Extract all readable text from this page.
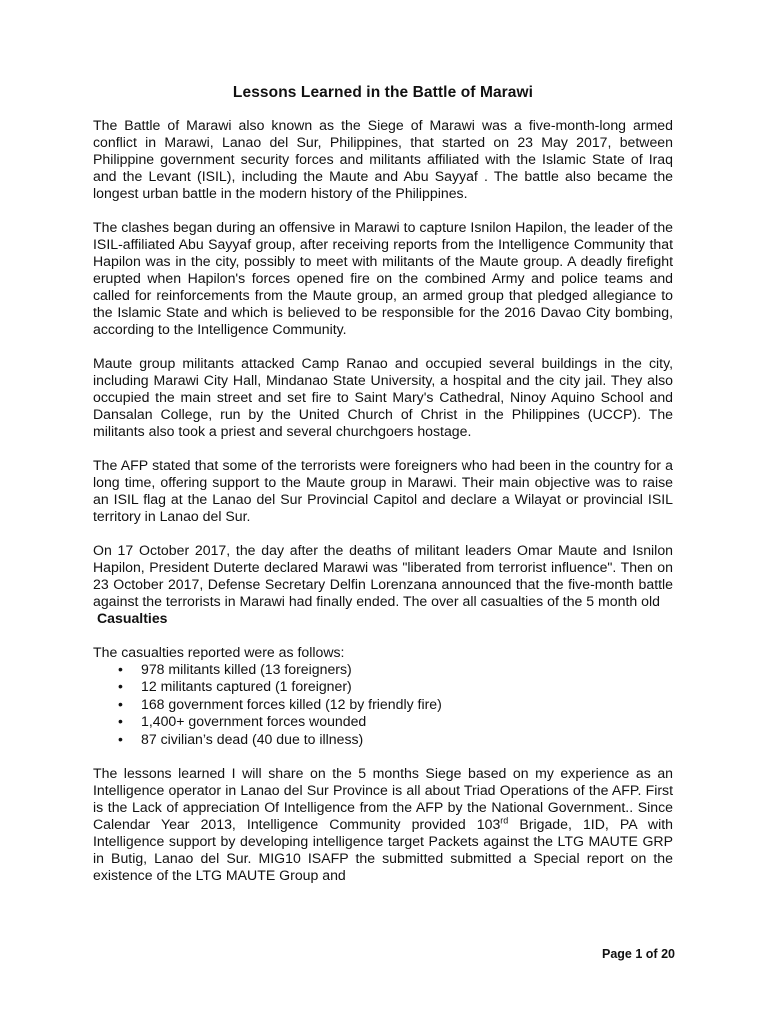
Lessons Learned in the Battle of Marawi

The Battle of Marawi also known as the Siege of Marawi was a five-month-long armed conflict in Marawi, Lanao del Sur, Philippines, that started on 23 May 2017, between Philippine government security forces and militants affiliated with the Islamic State of Iraq and the Levant (ISIL), including the Maute and Abu Sayyaf . The battle also became the longest urban battle in the modern history of the Philippines.

The clashes began during an offensive in Marawi to capture Isnilon Hapilon, the leader of the ISIL-affiliated Abu Sayyaf group, after receiving reports from the Intelligence Community that Hapilon was in the city, possibly to meet with militants of the Maute group. A deadly firefight erupted when Hapilon's forces opened fire on the combined Army and police teams and called for reinforcements from the Maute group, an armed group that pledged allegiance to the Islamic State and which is believed to be responsible for the 2016 Davao City bombing, according to the Intelligence Community.

Maute group militants attacked Camp Ranao and occupied several buildings in the city, including Marawi City Hall, Mindanao State University, a hospital and the city jail. They also occupied the main street and set fire to Saint Mary's Cathedral, Ninoy Aquino School and Dansalan College, run by the United Church of Christ in the Philippines (UCCP). The militants also took a priest and several churchgoers hostage.

The AFP stated that some of the terrorists were foreigners who had been in the country for a long time, offering support to the Maute group in Marawi. Their main objective was to raise an ISIL flag at the Lanao del Sur Provincial Capitol and declare a Wilayat or provincial ISIL territory in Lanao del Sur.

On 17 October 2017, the day after the deaths of militant leaders Omar Maute and Isnilon Hapilon, President Duterte declared Marawi was "liberated from terrorist influence". Then on 23 October 2017, Defense Secretary Delfin Lorenzana announced that the five-month battle against the terrorists in Marawi had finally ended. The over all casualties of the 5 month old

Casualties

The casualties reported were as follows:

• 978 militants killed (13 foreigners)
• 12 militants captured (1 foreigner)
• 168 government forces killed (12 by friendly fire)
• 1,400+ government forces wounded
• 87 civilian’s dead (40 due to illness)

The lessons learned I will share on the 5 months Siege based on my experience as an Intelligence operator in Lanao del Sur Province is all about Triad Operations of the AFP. First is the Lack of appreciation Of Intelligence from the AFP by the National Government.. Since Calendar Year 2013, Intelligence Community provided 103rd Brigade, 1ID, PA with Intelligence support by developing intelligence target Packets against the LTG MAUTE GRP in Butig, Lanao del Sur. MIG10 ISAFP the submitted submitted a Special report on the existence of the LTG MAUTE Group and

Page 1 of 20
